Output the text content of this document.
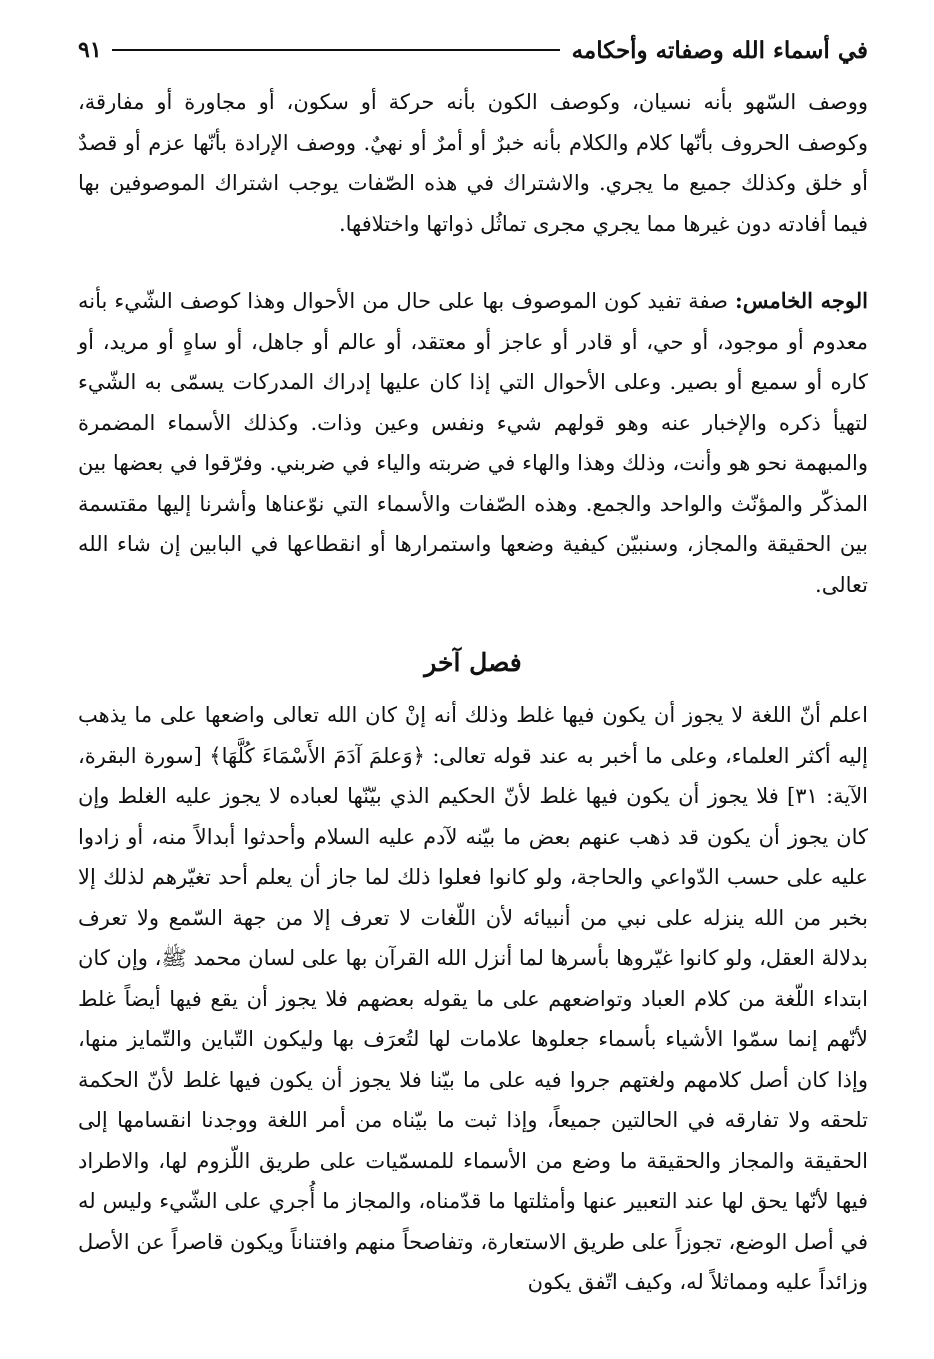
في أسماء الله وصفاته وأحكامه
٩١

ووصف السّهو بأنه نسيان، وكوصف الكون بأنه حركة أو سكون، أو مجاورة أو مفارقة، وكوصف الحروف بأنّها كلام والكلام بأنه خبرٌ أو أمرٌ أو نهيٌ. ووصف الإرادة بأنّها عزم أو قصدٌ أو خلق وكذلك جميع ما يجري. والاشتراك في هذه الصّفات يوجب اشتراك الموصوفين بها فيما أفادته دون غيرها مما يجري مجرى تماثُل ذواتها واختلافها.

الوجه الخامس: صفة تفيد كون الموصوف بها على حال من الأحوال وهذا كوصف الشّيء بأنه معدوم أو موجود، أو حي، أو قادر أو عاجز أو معتقد، أو عالم أو جاهل، أو ساهٍ أو مريد، أو كاره أو سميع أو بصير. وعلى الأحوال التي إذا كان عليها إدراك المدركات يسمّى به الشّيء لتهيأ ذكره والإخبار عنه وهو قولهم شيء ونفس وعين وذات. وكذلك الأسماء المضمرة والمبهمة نحو هو وأنت، وذلك وهذا والهاء في ضربته والياء في ضربني. وفرّقوا في بعضها بين المذكّر والمؤنّث والواحد والجمع. وهذه الصّفات والأسماء التي نوّعناها وأشرنا إليها مقتسمة بين الحقيقة والمجاز، وسنبيّن كيفية وضعها واستمرارها أو انقطاعها في البابين إن شاء الله تعالى.

فصل آخر

اعلم أنّ اللغة لا يجوز أن يكون فيها غلط وذلك أنه إنْ كان الله تعالى واضعها على ما يذهب إليه أكثر العلماء، وعلى ما أخبر به عند قوله تعالى: ﴿وَعلمَ آدَمَ الأَسْمَاءَ كُلَّهَا﴾ [سورة البقرة، الآية: ٣١] فلا يجوز أن يكون فيها غلط لأنّ الحكيم الذي بيّنّها لعباده لا يجوز عليه الغلط وإن كان يجوز أن يكون قد ذهب عنهم بعض ما بيّنه لآدم عليه السلام وأحدثوا أبدالاً منه، أو زادوا عليه على حسب الدّواعي والحاجة، ولو كانوا فعلوا ذلك لما جاز أن يعلم أحد تغيّرهم لذلك إلا بخبر من الله ينزله على نبي من أنبيائه لأن اللّغات لا تعرف إلا من جهة السّمع ولا تعرف بدلالة العقل، ولو كانوا غيّروها بأسرها لما أنزل الله القرآن بها على لسان محمد ﷺ، وإن كان ابتداء اللّغة من كلام العباد وتواضعهم على ما يقوله بعضهم فلا يجوز أن يقع فيها أيضاً غلط لأنّهم إنما سمّوا الأشياء بأسماء جعلوها علامات لها لتُعرَف بها وليكون التّباين والتّمايز منها، وإذا كان أصل كلامهم ولغتهم جروا فيه على ما بيّنا فلا يجوز أن يكون فيها غلط لأنّ الحكمة تلحقه ولا تفارقه في الحالتين جميعاً، وإذا ثبت ما بيّناه من أمر اللغة ووجدنا انقسامها إلى الحقيقة والمجاز والحقيقة ما وضع من الأسماء للمسمّيات على طريق اللّزوم لها، والاطراد فيها لأنّها يحق لها عند التعبير عنها وأمثلتها ما قدّمناه، والمجاز ما أُجري على الشّيء وليس له في أصل الوضع، تجوزاً على طريق الاستعارة، وتفاصحاً منهم وافتناناً ويكون قاصراً عن الأصل وزائداً عليه ومماثلاً له، وكيف اتّفق يكون
